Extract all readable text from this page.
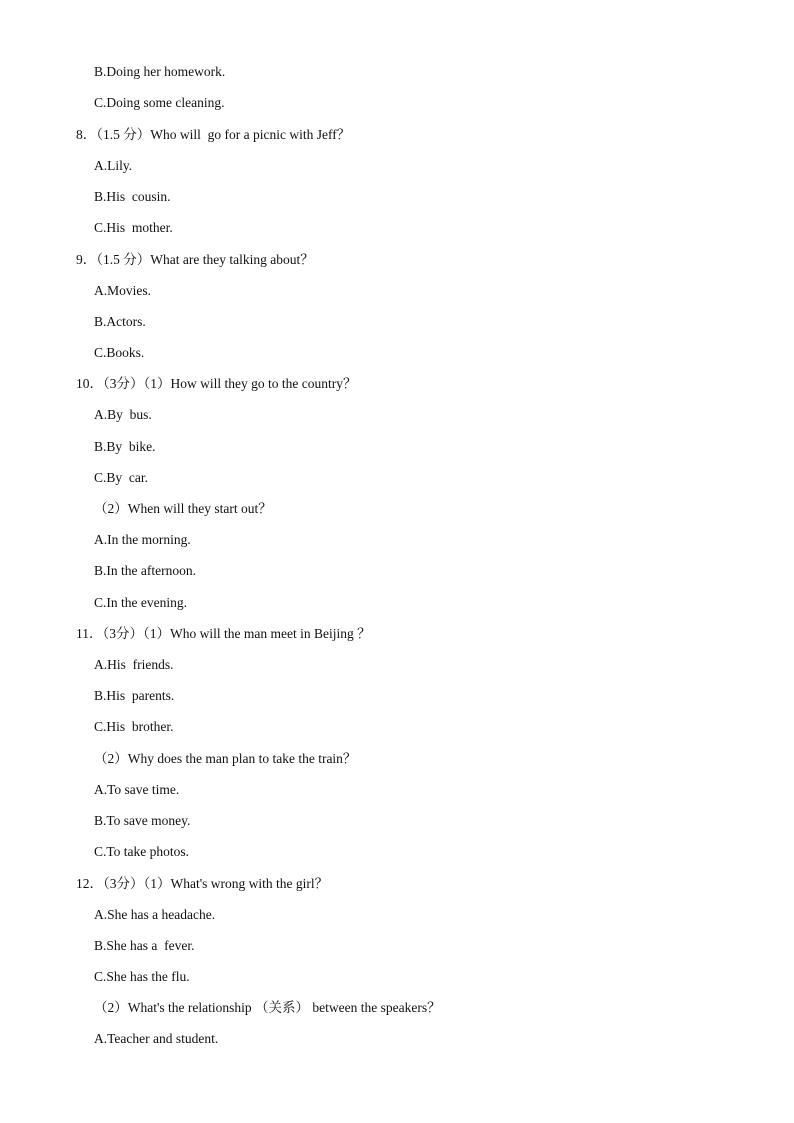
B.Doing her homework.
C.Doing some cleaning.
8．（1.5 分）Who will  go for a picnic with Jeff？
A.Lily.
B.His  cousin.
C.His  mother.
9．（1.5 分）What are they talking about？
A.Movies.
B.Actors.
C.Books.
10．（3分）（1）How will they go to the country？
A.By  bus.
B.By  bike.
C.By  car.
（2）When will they start out？
A.In the morning.
B.In the afternoon.
C.In the evening.
11．（3分）（1）Who will the man meet in Beijing ？
A.His  friends.
B.His  parents.
C.His  brother.
（2）Why does the man plan to take the train？
A.To save time.
B.To save money.
C.To take photos.
12．（3分）（1）What's wrong with the girl？
A.She has a headache.
B.She has a  fever.
C.She has the flu.
（2）What's the relationship （关系） between the speakers？
A.Teacher and student.
